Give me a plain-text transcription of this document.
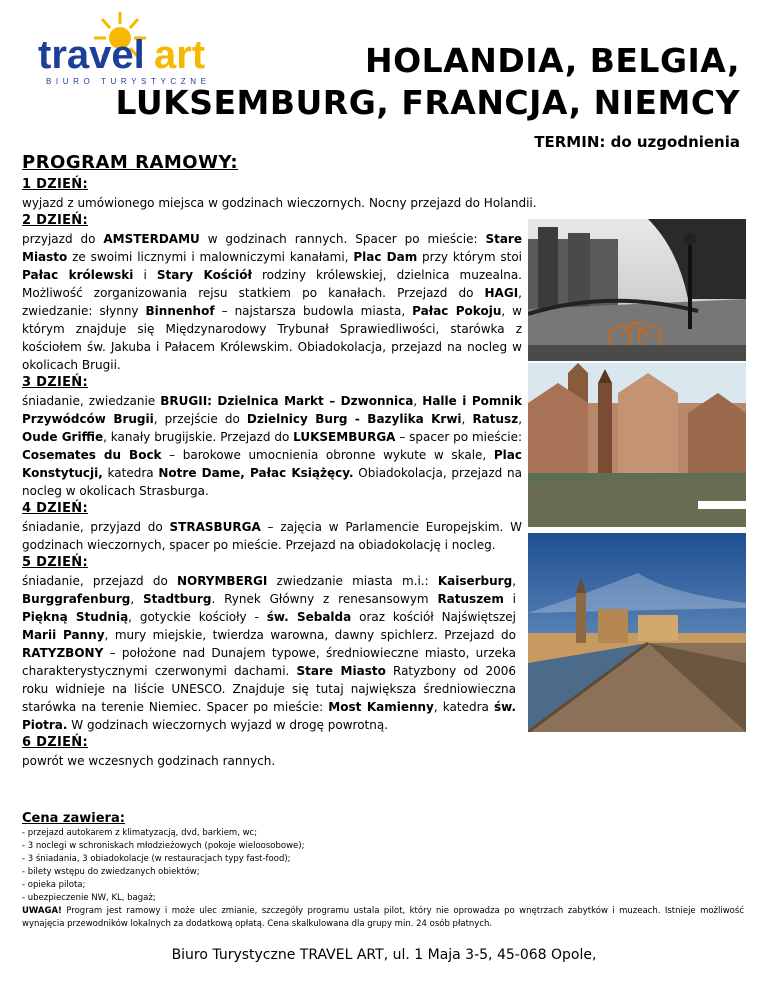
travel art
BIURO TURYSTYCZNE
HOLANDIA, BELGIA,
LUKSEMBURG, FRANCJA, NIEMCY
TERMIN: do uzgodnienia
PROGRAM RAMOWY:
1 DZIEŃ:
wyjazd z umówionego miejsca w godzinach wieczornych. Nocny przejazd do Holandii.
2 DZIEŃ:
przyjazd do AMSTERDAMU w godzinach rannych. Spacer po mieście: Stare Miasto ze swoimi licznymi i malowniczymi kanałami, Plac Dam przy którym stoi Pałac królewski i Stary Kościół rodziny królewskiej, dzielnica muzealna. Możliwość zorganizowania rejsu statkiem po kanałach. Przejazd do HAGI, zwiedzanie: słynny Binnenhof – najstarsza budowla miasta, Pałac Pokoju, w którym znajduje się Międzynarodowy Trybunał Sprawiedliwości, starówka z kościołem św. Jakuba i Pałacem Królewskim. Obiadokolacja, przejazd na nocleg w okolicach Brugii.
3 DZIEŃ:
śniadanie, zwiedzanie BRUGII: Dzielnica Markt – Dzwonnica, Halle i Pomnik Przywódców Brugii, przejście do Dzielnicy Burg - Bazylika Krwi, Ratusz, Oude Griffie, kanały brugijskie. Przejazd do LUKSEMBURGA – spacer po mieście: Cosemates du Bock – barokowe umocnienia obronne wykute w skale, Plac Konstytucji, katedra Notre Dame, Pałac Książęcy. Obiadokolacja, przejazd na nocleg w okolicach Strasburga.
4 DZIEŃ:
śniadanie, przyjazd do STRASBURGA – zajęcia w Parlamencie Europejskim. W godzinach wieczornych, spacer po mieście. Przejazd na obiadokolację i nocleg.
5 DZIEŃ:
śniadanie, przejazd do NORYMBERGI zwiedzanie miasta m.i.: Kaiserburg, Burggrafenburg, Stadtburg. Rynek Główny z renesansowym Ratuszem i Piękną Studnią, gotyckie kościoły - św. Sebalda oraz kościół Najświętszej Marii Panny, mury miejskie, twierdza warowna, dawny spichlerz. Przejazd do RATYZBONY – położone nad Dunajem typowe, średniowieczne miasto, urzeka charakterystycznymi czerwonymi dachami. Stare Miasto Ratyzbony od 2006 roku widnieje na liście UNESCO. Znajduje się tutaj największa średniowieczna starówka na terenie Niemiec. Spacer po mieście: Most Kamienny, katedra św. Piotra. W godzinach wieczornych wyjazd w drogę powrotną.
6 DZIEŃ:
powrót we wczesnych godzinach rannych.
Cena zawiera:
- przejazd autokarem z klimatyzacją, dvd, barkiem, wc;
- 3 noclegi w schroniskach młodzieżowych (pokoje wieloosobowe);
- 3 śniadania, 3 obiadokolacje (w restauracjach typy fast-food);
- bilety wstępu do zwiedzanych obiektów;
- opieka pilota;
- ubezpieczenie NW, KL, bagaż;
UWAGA! Program jest ramowy i może ulec zmianie, szczegóły programu ustala pilot, który nie oprowadza po wnętrzach zabytków i muzeach. Istnieje możliwość wynajęcia przewodników lokalnych za dodatkową opłatą. Cena skalkulowana dla grupy min. 24 osób płatnych.
Biuro Turystyczne TRAVEL ART, ul. 1 Maja 3-5, 45-068 Opole,
